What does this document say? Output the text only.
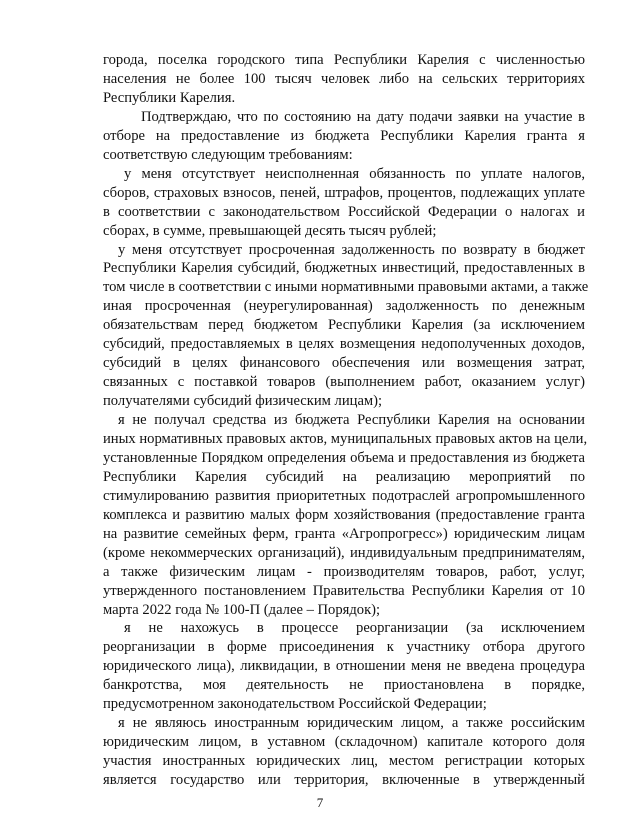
города, поселка городского типа Республики Карелия с численностью
населения не более 100 тысяч человек либо на сельских территориях
Республики Карелия.
Подтверждаю, что по состоянию на дату подачи заявки на участие в
отборе на предоставление из бюджета Республики Карелия гранта я
соответствую следующим требованиям:
у меня отсутствует неисполненная обязанность по уплате налогов,
сборов, страховых взносов, пеней, штрафов, процентов, подлежащих уплате
в соответствии с законодательством Российской Федерации о налогах и
сборах, в сумме, превышающей десять тысяч рублей;
у меня отсутствует просроченная задолженность по возврату в бюджет
Республики Карелия субсидий, бюджетных инвестиций, предоставленных в
том числе в соответствии с иными нормативными правовыми актами, а также
иная просроченная (неурегулированная) задолженность по денежным
обязательствам перед бюджетом Республики Карелия (за исключением
субсидий, предоставляемых в целях возмещения недополученных доходов,
субсидий в целях финансового обеспечения или возмещения затрат,
связанных с поставкой товаров (выполнением работ, оказанием услуг)
получателями субсидий физическим лицам);
я не получал средства из бюджета Республики Карелия на основании
иных нормативных правовых актов, муниципальных правовых актов на цели,
установленные Порядком определения объема и предоставления из бюджета
Республики Карелия субсидий на реализацию мероприятий по
стимулированию развития приоритетных подотраслей агропромышленного
комплекса и развитию малых форм хозяйствования (предоставление гранта
на развитие семейных ферм, гранта «Агропрогресс») юридическим лицам
(кроме некоммерческих организаций), индивидуальным предпринимателям,
а также физическим лицам - производителям товаров, работ, услуг,
утвержденного постановлением Правительства Республики Карелия от 10
марта 2022 года № 100-П (далее – Порядок);
я не нахожусь в процессе реорганизации (за исключением
реорганизации в форме присоединения к участнику отбора другого
юридического лица), ликвидации, в отношении меня не введена процедура
банкротства, моя деятельность не приостановлена в порядке,
предусмотренном законодательством Российской Федерации;
я не являюсь иностранным юридическим лицом, а также российским
юридическим лицом, в уставном (складочном) капитале которого доля
участия иностранных юридических лиц, местом регистрации которых
является государство или территория, включенные в утвержденный
7
